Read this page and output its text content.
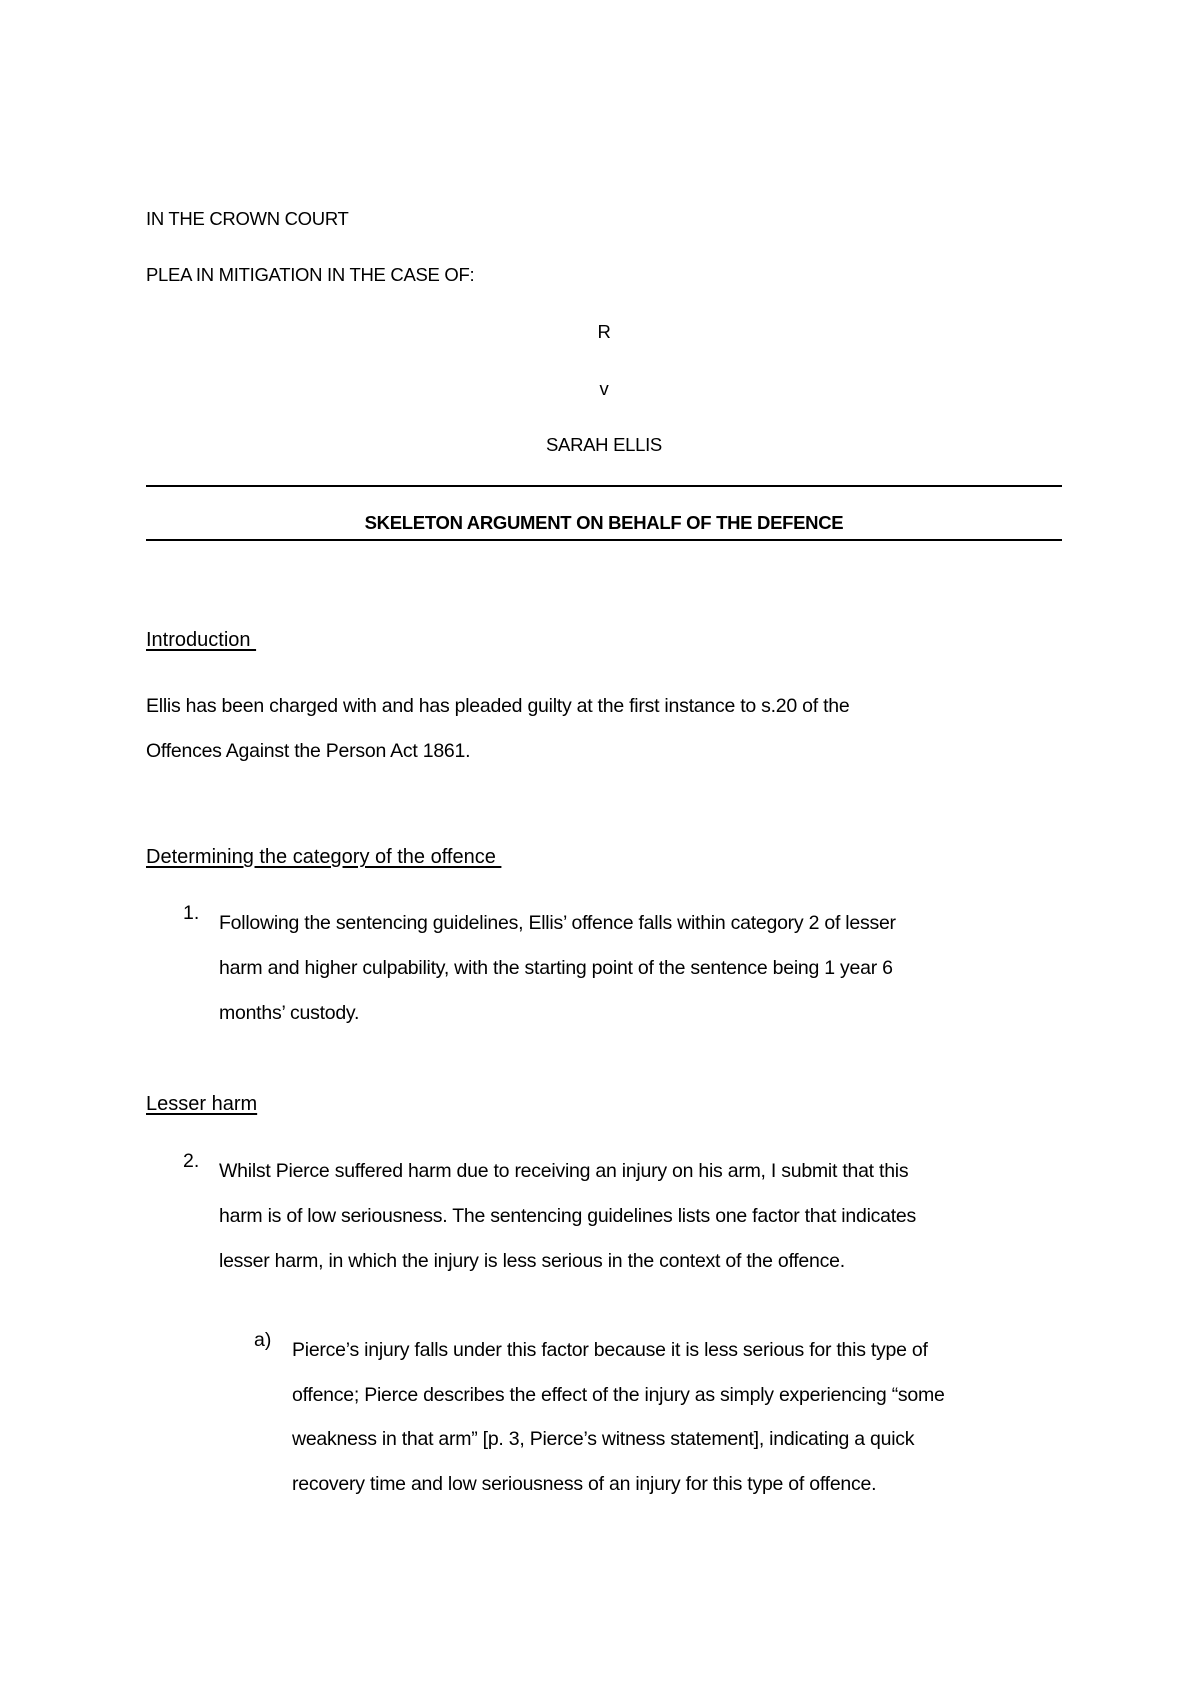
IN THE CROWN COURT
PLEA IN MITIGATION IN THE CASE OF:
R
v
SARAH ELLIS
SKELETON ARGUMENT ON BEHALF OF THE DEFENCE
Introduction
Ellis has been charged with and has pleaded guilty at the first instance to s.20 of the
Offences Against the Person Act 1861.
Determining the category of the offence
1. Following the sentencing guidelines, Ellis’ offence falls within category 2 of lesser
harm and higher culpability, with the starting point of the sentence being 1 year 6
months’ custody.
Lesser harm
2. Whilst Pierce suffered harm due to receiving an injury on his arm, I submit that this
harm is of low seriousness. The sentencing guidelines lists one factor that indicates
lesser harm, in which the injury is less serious in the context of the offence.
a) Pierce’s injury falls under this factor because it is less serious for this type of
offence; Pierce describes the effect of the injury as simply experiencing “some
weakness in that arm” [p. 3, Pierce’s witness statement], indicating a quick
recovery time and low seriousness of an injury for this type of offence.
